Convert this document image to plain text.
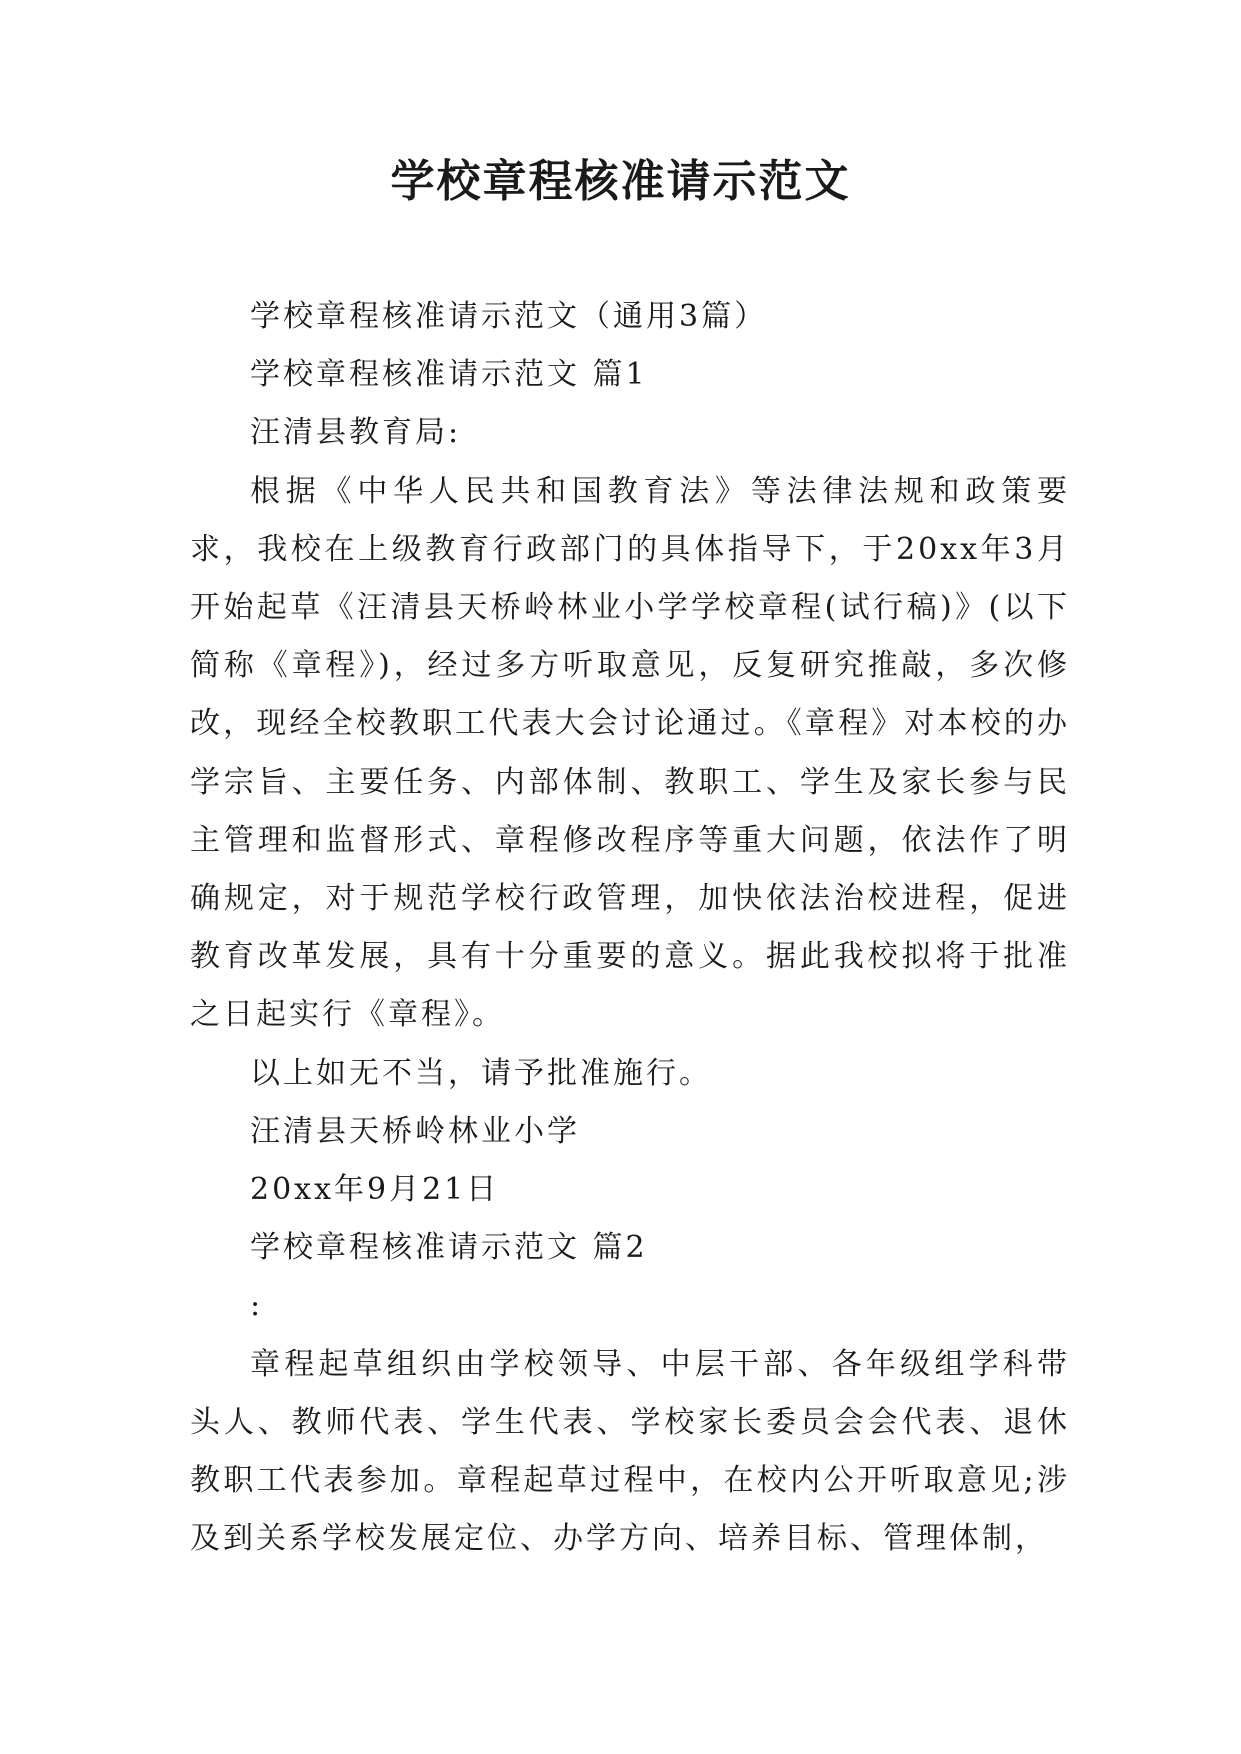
学校章程核准请示范文

学校章程核准请示范文（通用3篇）

学校章程核准请示范文 篇1

汪清县教育局:

根据《中华人民共和国教育法》等法律法规和政策要求，我校在上级教育行政部门的具体指导下，于20xx年3月开始起草《汪清县天桥岭林业小学学校章程(试行稿)》(以下简称《章程》)，经过多方听取意见，反复研究推敲，多次修改，现经全校教职工代表大会讨论通过。《章程》对本校的办学宗旨、主要任务、内部体制、教职工、学生及家长参与民主管理和监督形式、章程修改程序等重大问题，依法作了明确规定，对于规范学校行政管理，加快依法治校进程，促进教育改革发展，具有十分重要的意义。据此我校拟将于批准之日起实行《章程》。

以上如无不当，请予批准施行。

汪清县天桥岭林业小学

20xx年9月21日

学校章程核准请示范文 篇2

:

章程起草组织由学校领导、中层干部、各年级组学科带头人、教师代表、学生代表、学校家长委员会会代表、退休教职工代表参加。章程起草过程中，在校内公开听取意见;涉及到关系学校发展定位、办学方向、培养目标、管理体制，
